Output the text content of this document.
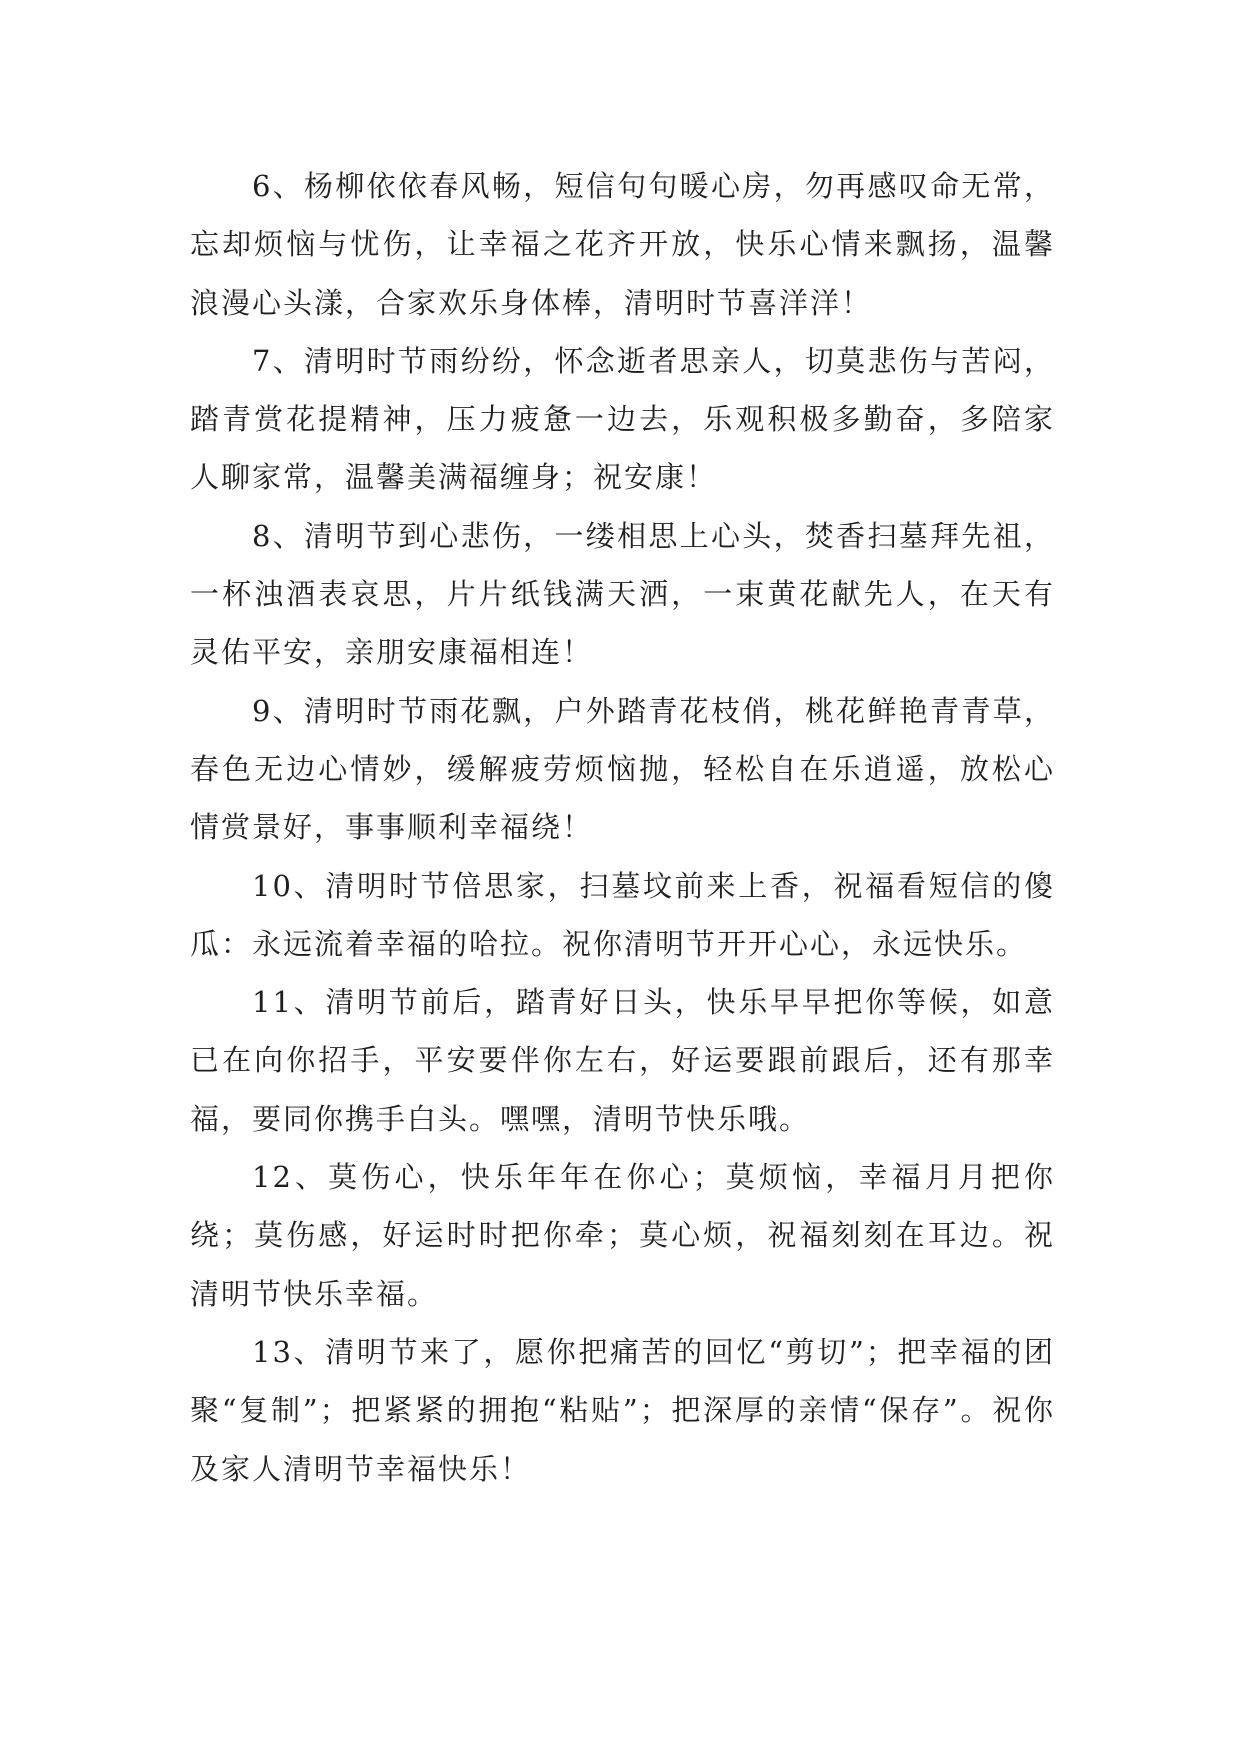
6、杨柳依依春风畅，短信句句暖心房，勿再感叹命无常，忘却烦恼与忧伤，让幸福之花齐开放，快乐心情来飘扬，温馨浪漫心头漾，合家欢乐身体棒，清明时节喜洋洋！

7、清明时节雨纷纷，怀念逝者思亲人，切莫悲伤与苦闷，踏青赏花提精神，压力疲惫一边去，乐观积极多勤奋，多陪家人聊家常，温馨美满福缠身；祝安康！

8、清明节到心悲伤，一缕相思上心头，焚香扫墓拜先祖，一杯浊酒表哀思，片片纸钱满天洒，一束黄花献先人，在天有灵佑平安，亲朋安康福相连！

9、清明时节雨花飘，户外踏青花枝俏，桃花鲜艳青青草，春色无边心情妙，缓解疲劳烦恼抛，轻松自在乐逍遥，放松心情赏景好，事事顺利幸福绕！

10、清明时节倍思家，扫墓坟前来上香，祝福看短信的傻瓜：永远流着幸福的哈拉。祝你清明节开开心心，永远快乐。

11、清明节前后，踏青好日头，快乐早早把你等候，如意已在向你招手，平安要伴你左右，好运要跟前跟后，还有那幸福，要同你携手白头。嘿嘿，清明节快乐哦。

12、莫伤心，快乐年年在你心；莫烦恼，幸福月月把你绕；莫伤感，好运时时把你牵；莫心烦，祝福刻刻在耳边。祝清明节快乐幸福。

13、清明节来了，愿你把痛苦的回忆“剪切”；把幸福的团聚“复制”；把紧紧的拥抱“粘贴”；把深厚的亲情“保存”。祝你及家人清明节幸福快乐！
